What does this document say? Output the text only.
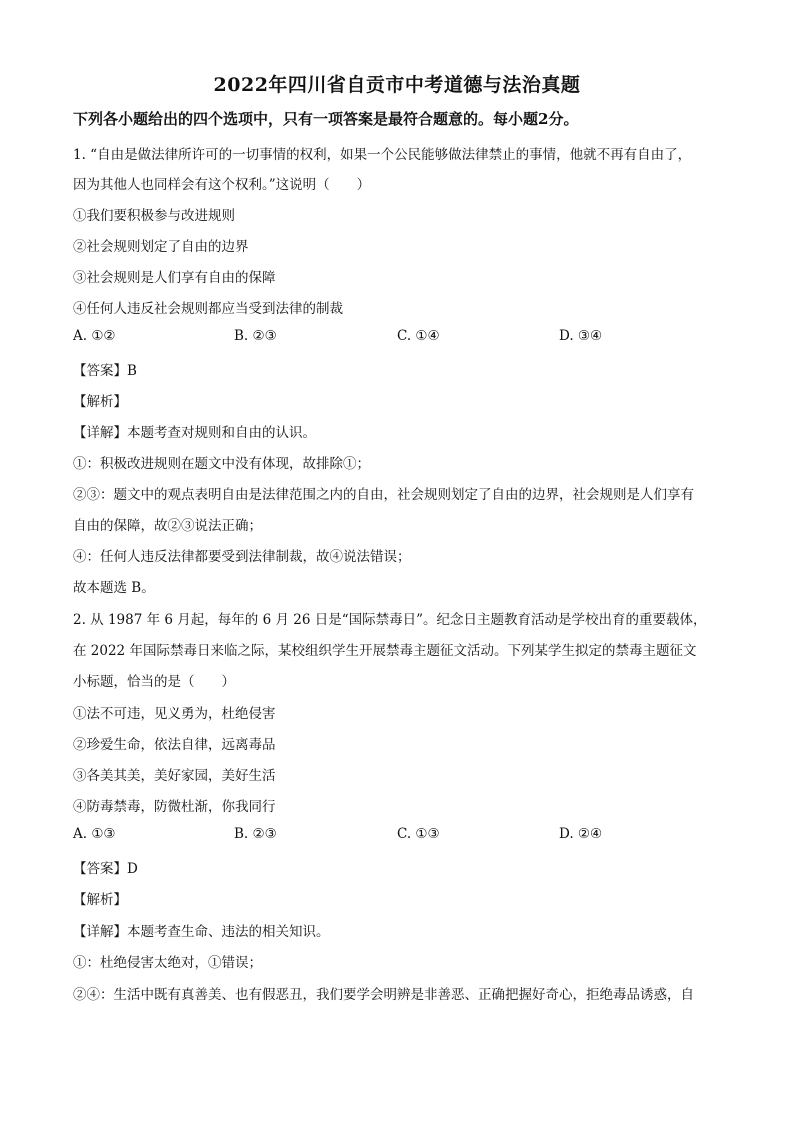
2022年四川省自贡市中考道德与法治真题
下列各小题给出的四个选项中，只有一项答案是最符合题意的。每小题2分。
1. “自由是做法律所许可的一切事情的权利，如果一个公民能够做法律禁止的事情，他就不再有自由了，
因为其他人也同样会有这个权利。”这说明（　　）
①我们要积极参与改进规则
②社会规则划定了自由的边界
③社会规则是人们享有自由的保障
④任何人违反社会规则都应当受到法律的制裁
A. ①②	B. ②③	C. ①④	D. ③④
【答案】B
【解析】
【详解】本题考查对规则和自由的认识。
①：积极改进规则在题文中没有体现，故排除①；
②③：题文中的观点表明自由是法律范围之内的自由，社会规则划定了自由的边界，社会规则是人们享有
自由的保障，故②③说法正确；
④：任何人违反法律都要受到法律制裁，故④说法错误；
故本题选 B。
2. 从 1987 年 6 月起，每年的 6 月 26 日是“国际禁毒日”。纪念日主题教育活动是学校出育的重要载体，
在 2022 年国际禁毒日来临之际，某校组织学生开展禁毒主题征文活动。下列某学生拟定的禁毒主题征文
小标题，恰当的是（　　）
①法不可违，见义勇为，杜绝侵害
②珍爱生命，依法自律，远离毒品
③各美其美，美好家园，美好生活
④防毒禁毒，防微杜渐，你我同行
A. ①③	B. ②③	C. ①③	D. ②④
【答案】D
【解析】
【详解】本题考查生命、违法的相关知识。
①：杜绝侵害太绝对，①错误；
②④：生活中既有真善美、也有假恶丑，我们要学会明辨是非善恶、正确把握好奇心，拒绝毒品诱惑，自
